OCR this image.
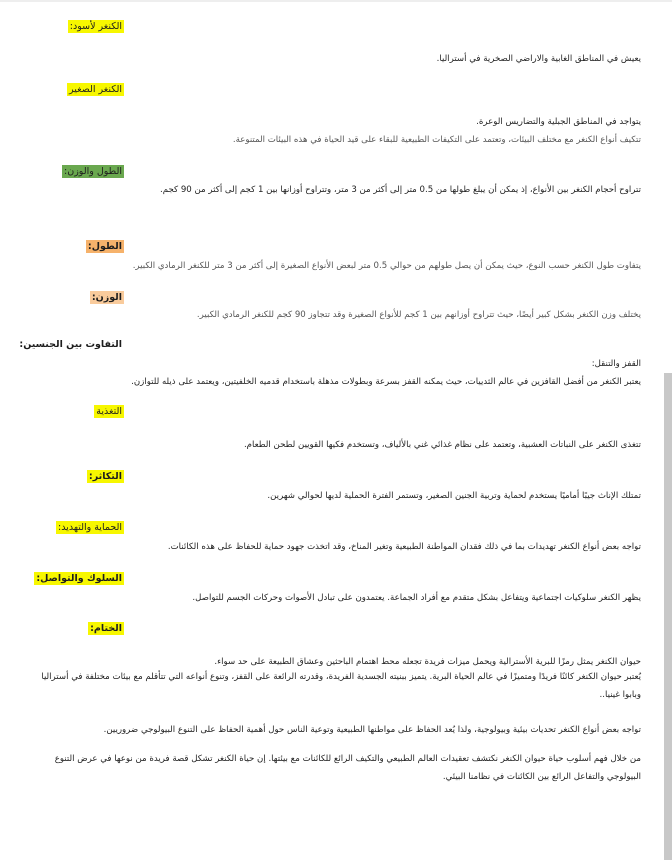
الكنغر لأسود:
يعيش في المناطق الغابية والاراضي الصخرية في أستراليا.
الكنغر الصغير
يتواجد في المناطق الجبلية والتضاريس الوعرة.
تتكيف أنواع الكنغر مع مختلف البيئات، وتعتمد على التكيفات الطبيعية للبقاء على قيد الحياة في هذه البيئات المتنوعة.
الطول والوزن:
تتراوح أحجام الكنغر بين الأنواع، إذ يمكن أن يبلغ طولها من 0.5 متر إلى أكثر من 3 متر، وتتراوح أوزانها بين 1 كجم إلى أكثر من 90 كجم.
الطول:
يتفاوت طول الكنغر حسب النوع، حيث يمكن أن يصل طولهم من حوالي 0.5 متر لبعض الأنواع الصغيرة إلى أكثر من 3 متر للكنغر الرمادي الكبير.
الوزن:
يختلف وزن الكنغر بشكل كبير أيضًا، حيث تتراوح أوزانهم بين 1 كجم للأنواع الصغيرة وقد تتجاوز 90 كجم للكنغر الرمادي الكبير.
التفاوت بين الجنسين:
القفز والتنقل:
يعتبر الكنغر من أفضل القافزين في عالم الثدييات، حيث يمكنه القفز بسرعة وبطولات مذهلة باستخدام قدميه الخلفيتين، ويعتمد على ذيله للتوازن.
التغذية
تتغذى الكنغر على النباتات العشبية، وتعتمد على نظام غذائي غني بالألياف، وتستخدم فكيها القويين لطحن الطعام.
التكاثر:
تمتلك الإناث جيبًا أماميًا يستخدم لحماية وتربية الجنين الصغير، وتستمر الفترة الحملية لديها لحوالي شهرين.
الحماية والتهديد:
تواجه بعض أنواع الكنغر تهديدات بما في ذلك فقدان المواطنة الطبيعية وتغير المناخ، وقد اتخذت جهود حماية للحفاظ على هذه الكائنات.
السلوك والتواصل:
يظهر الكنغر سلوكيات اجتماعية ويتفاعل بشكل متقدم مع أفراد الجماعة. يعتمدون على تبادل الأصوات وحركات الجسم للتواصل.
الختام:
حيوان الكنغر يمثل رمزًا للبرية الأسترالية ويحمل ميزات فريدة تجعله محط اهتمام الباحثين وعشاق الطبيعة على حد سواء.
يُعتبر حيوان الكنغر كائنًا فريدًا ومتميزًا في عالم الحياة البرية. يتميز ببنيته الجسدية الفريدة، وقدرته الرائعة على القفز، وتنوع أنواعه التي تتأقلم مع بيئات مختلفة في أستراليا وبابوا غينيا..
تواجه بعض أنواع الكنغر تحديات بيئية وبيولوجية، ولذا يُعد الحفاظ على مواطنها الطبيعية وتوعية الناس حول أهمية الحفاظ على التنوع البيولوجي ضروريين.
من خلال فهم أسلوب حياة حيوان الكنغر نكتشف تعقيدات العالم الطبيعي والتكيف الرائع للكائنات مع بيئتها. إن حياة الكنغر تشكل قصة فريدة من نوعها في عرض التنوع البيولوجي والتفاعل الرائع بين الكائنات في نظامنا البيئي.
